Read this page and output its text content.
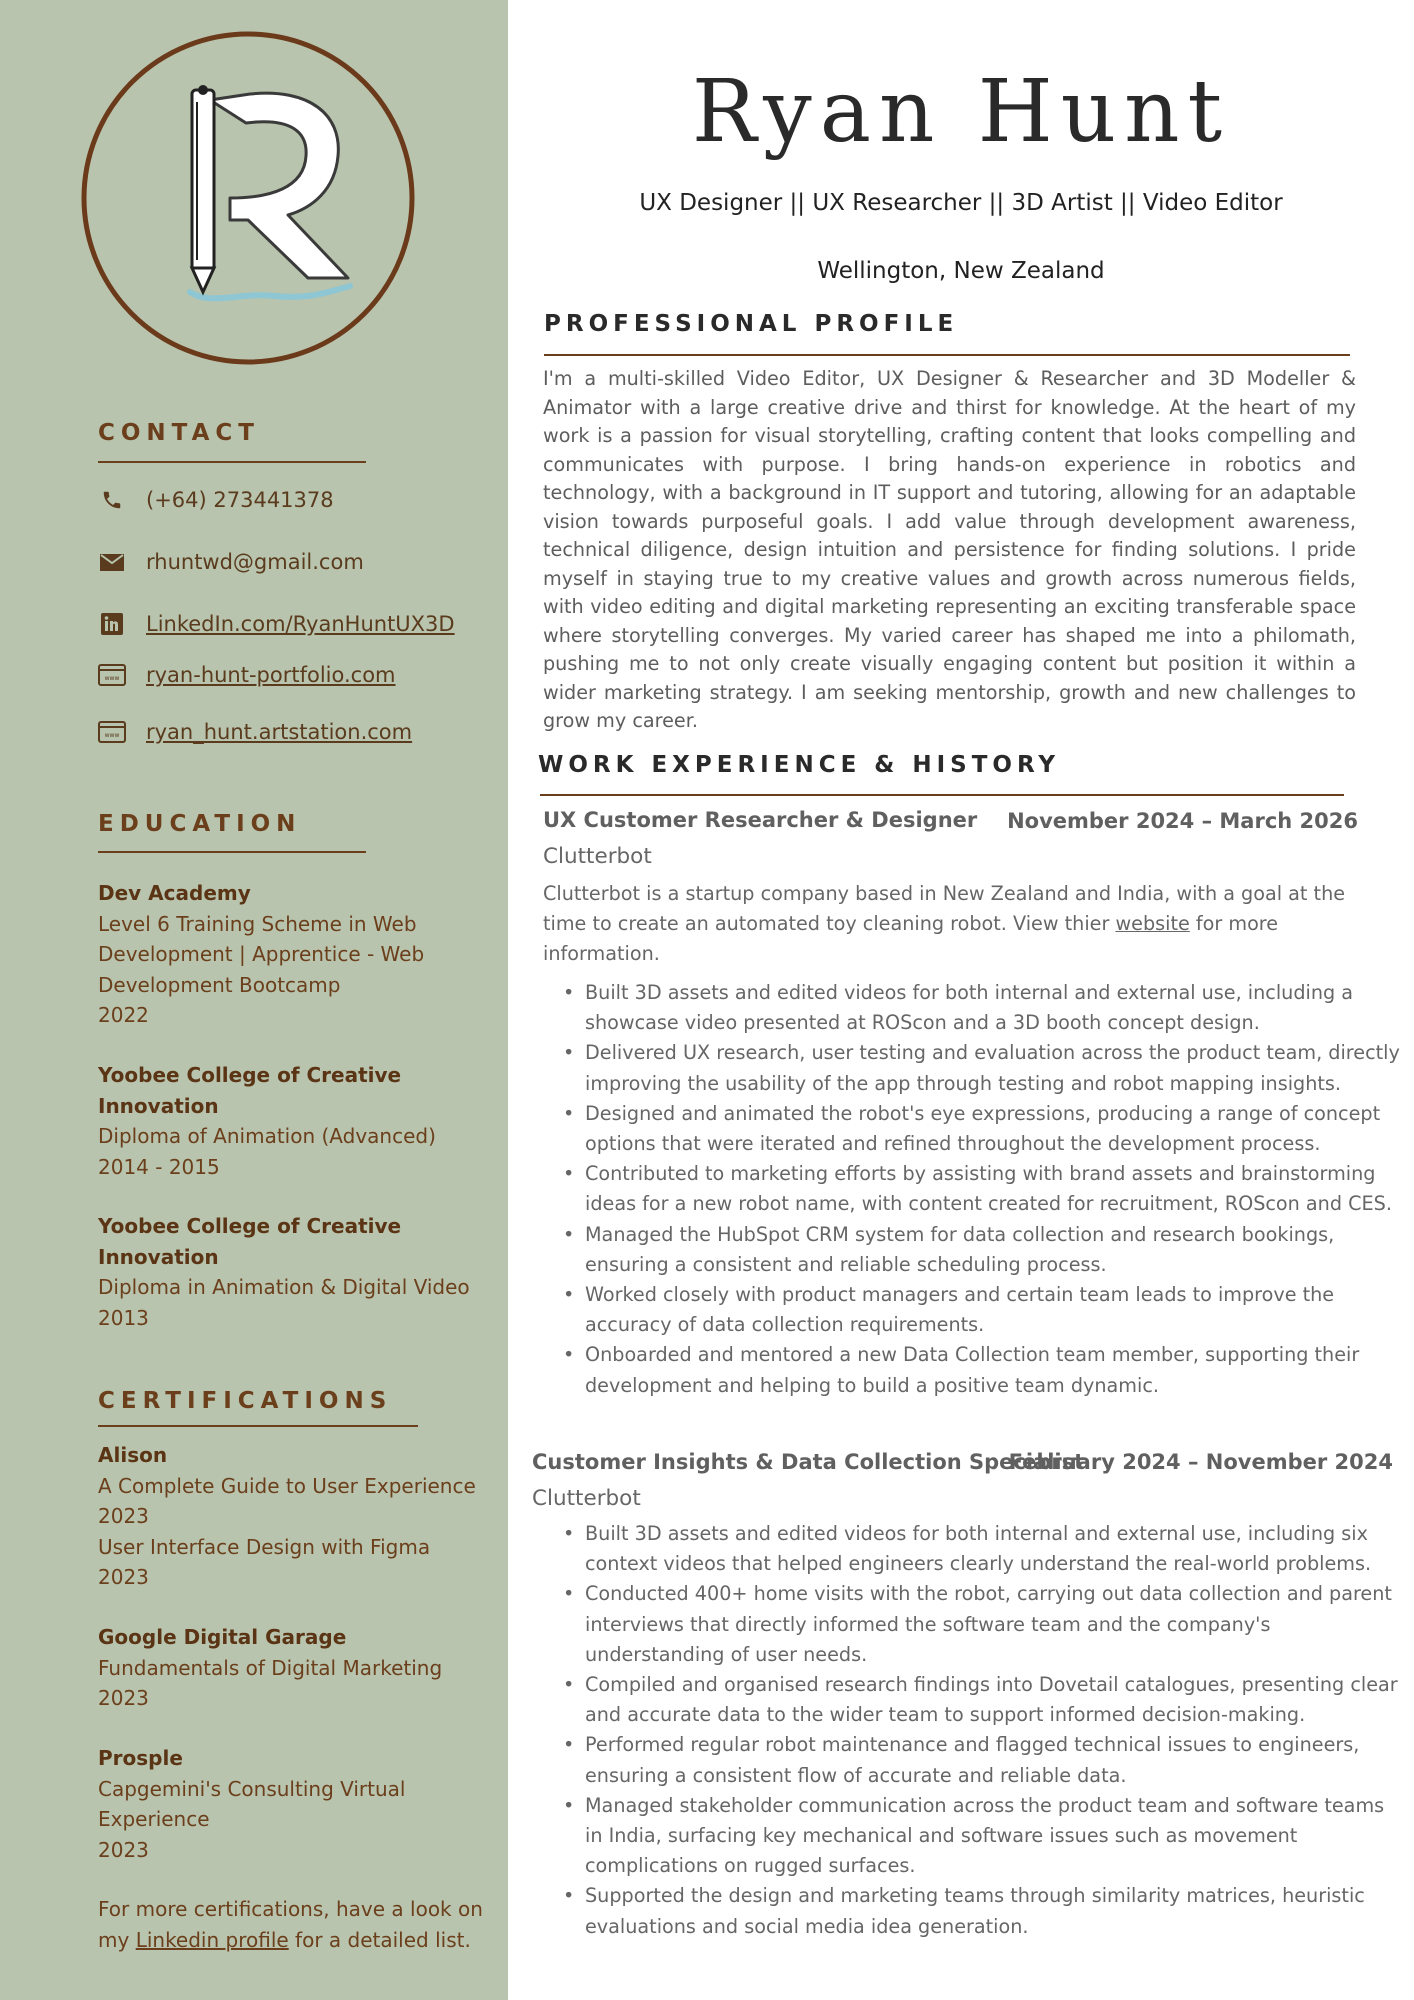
CONTACT
(+64) 273441378
rhuntwd@gmail.com
LinkedIn.com/RyanHuntUX3D
www ryan-hunt-portfolio.com
www ryan_hunt.artstation.com
EDUCATION
Dev Academy
Level 6 Training Scheme in Web
Development | Apprentice - Web
Development Bootcamp
2022
Yoobee College of Creative
Innovation
Diploma of Animation (Advanced)
2014 - 2015
Yoobee College of Creative
Innovation
Diploma in Animation & Digital Video
2013
CERTIFICATIONS
Alison
A Complete Guide to User Experience
2023
User Interface Design with Figma
2023
Google Digital Garage
Fundamentals of Digital Marketing
2023
Prosple
Capgemini's Consulting Virtual
Experience
2023
For more certifications, have a look on
my Linkedin profile for a detailed list.
Ryan Hunt
UX Designer || UX Researcher || 3D Artist || Video Editor
Wellington, New Zealand
PROFESSIONAL PROFILE

I'm a multi-skilled Video Editor, UX Designer & Researcher and 3D Modeller & Animator with a large creative drive and thirst for knowledge. At the heart of my work is a passion for visual storytelling, crafting content that looks compelling and communicates with purpose. I bring hands-on experience in robotics and technology, with a background in IT support and tutoring, allowing for an adaptable vision towards purposeful goals. I add value through development awareness, technical diligence, design intuition and persistence for finding solutions. I pride myself in staying true to my creative values and growth across numerous fields, with video editing and digital marketing representing an exciting transferable space where storytelling converges. My varied career has shaped me into a philomath, pushing me to not only create visually engaging content but position it within a wider marketing strategy. I am seeking mentorship, growth and new challenges to grow my career.

WORK EXPERIENCE & HISTORY
UX Customer Researcher & Designer November 2024 – March 2026
Clutterbot

Clutterbot is a startup company based in New Zealand and India, with a goal at the time to create an automated toy cleaning robot. View thier website for more information.

• Built 3D assets and edited videos for both internal and external use, including a showcase video presented at ROScon and a 3D booth concept design.
• Delivered UX research, user testing and evaluation across the product team, directly improving the usability of the app through testing and robot mapping insights.
• Designed and animated the robot's eye expressions, producing a range of concept options that were iterated and refined throughout the development process.
• Contributed to marketing efforts by assisting with brand assets and brainstorming ideas for a new robot name, with content created for recruitment, ROScon and CES.
• Managed the HubSpot CRM system for data collection and research bookings, ensuring a consistent and reliable scheduling process.
• Worked closely with product managers and certain team leads to improve the accuracy of data collection requirements.
• Onboarded and mentored a new Data Collection team member, supporting their development and helping to build a positive team dynamic.
Customer Insights & Data Collection Specialist
February 2024 – November 2024
Clutterbot
• Built 3D assets and edited videos for both internal and external use, including six context videos that helped engineers clearly understand the real-world problems.
• Conducted 400+ home visits with the robot, carrying out data collection and parent interviews that directly informed the software team and the company's understanding of user needs.
• Compiled and organised research findings into Dovetail catalogues, presenting clear and accurate data to the wider team to support informed decision-making.
• Performed regular robot maintenance and flagged technical issues to engineers, ensuring a consistent flow of accurate and reliable data.
• Managed stakeholder communication across the product team and software teams in India, surfacing key mechanical and software issues such as movement complications on rugged surfaces.
• Supported the design and marketing teams through similarity matrices, heuristic evaluations and social media idea generation.
